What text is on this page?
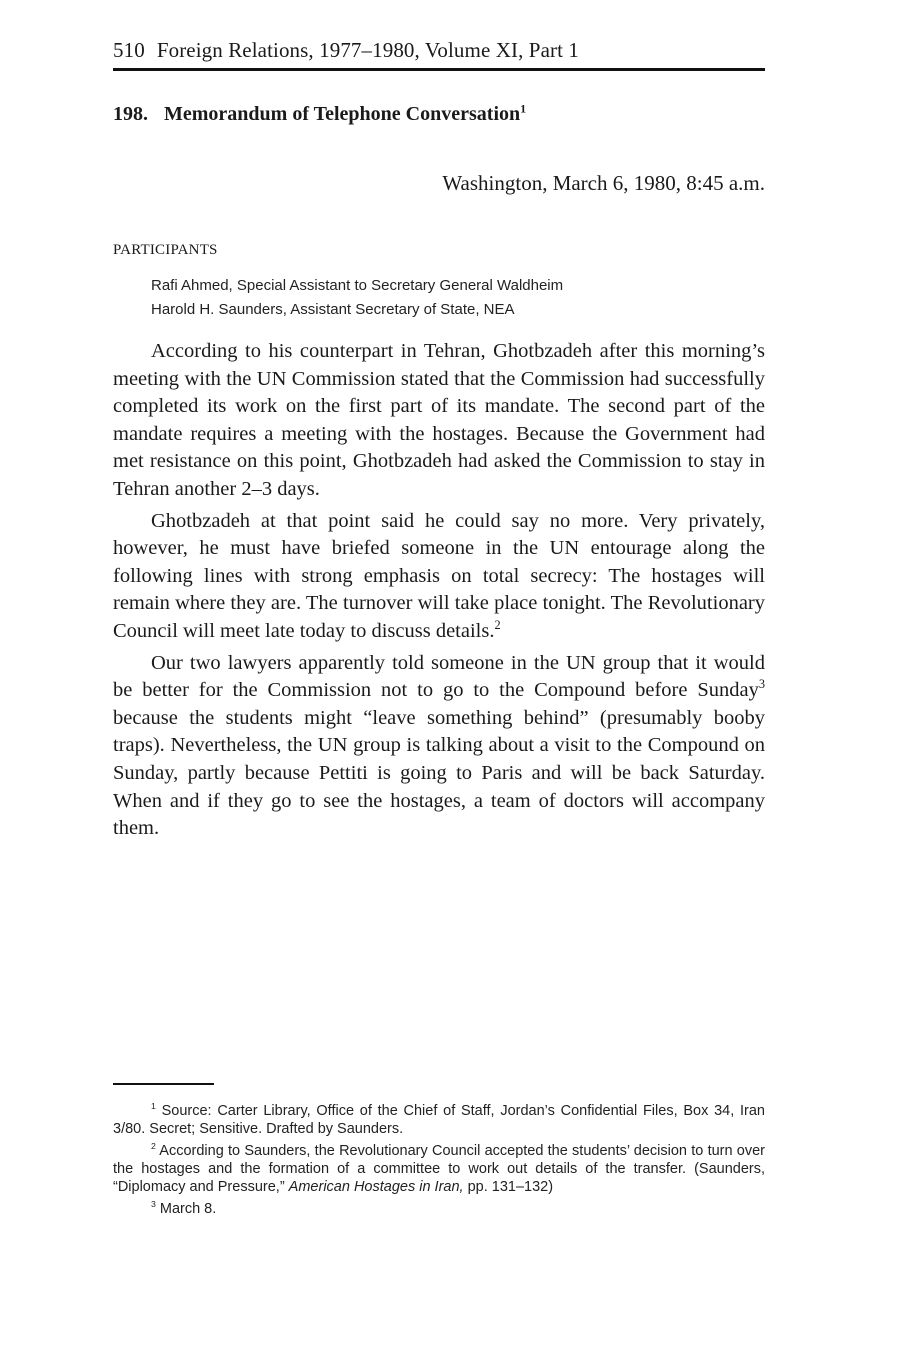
510 Foreign Relations, 1977–1980, Volume XI, Part 1
198. Memorandum of Telephone Conversation$^1$
Washington, March 6, 1980, 8:45 a.m.
PARTICIPANTS
Rafi Ahmed, Special Assistant to Secretary General Waldheim
Harold H. Saunders, Assistant Secretary of State, NEA

According to his counterpart in Tehran, Ghotbzadeh after this morning’s meeting with the UN Commission stated that the Commission had successfully completed its work on the first part of its mandate. The second part of the mandate requires a meeting with the hostages. Because the Government had met resistance on this point, Ghotbzadeh had asked the Commission to stay in Tehran another 2–3 days.

Ghotbzadeh at that point said he could say no more. Very privately, however, he must have briefed someone in the UN entourage along the following lines with strong emphasis on total secrecy: The hostages will remain where they are. The turnover will take place tonight. The Revolutionary Council will meet late today to discuss details.$^2$

Our two lawyers apparently told someone in the UN group that it would be better for the Commission not to go to the Compound before Sunday$^3$ because the students might “leave something behind” (presumably booby traps). Nevertheless, the UN group is talking about a visit to the Compound on Sunday, partly because Pettiti is going to Paris and will be back Saturday. When and if they go to see the hostages, a team of doctors will accompany them.

$^1$ Source: Carter Library, Office of the Chief of Staff, Jordan’s Confidential Files, Box 34, Iran 3/80. Secret; Sensitive. Drafted by Saunders.

$^2$ According to Saunders, the Revolutionary Council accepted the students’ decision to turn over the hostages and the formation of a committee to work out details of the transfer. (Saunders, “Diplomacy and Pressure,” American Hostages in Iran, pp. 131–132)

$^3$ March 8.
